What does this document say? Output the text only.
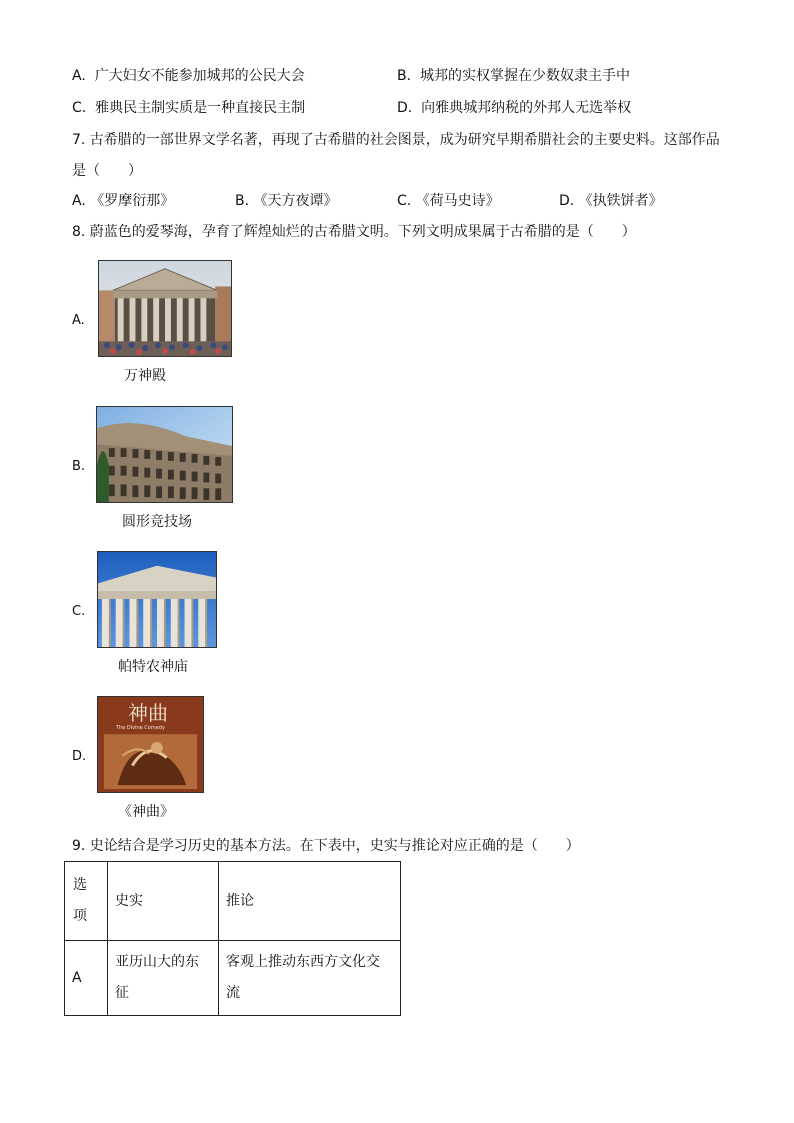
A. 广大妇女不能参加城邦的公民大会	B. 城邦的实权掌握在少数奴隶主手中
C. 雅典民主制实质是一种直接民主制	D. 向雅典城邦纳税的外邦人无选举权
7. 古希腊的一部世界文学名著，再现了古希腊的社会图景，成为研究早期希腊社会的主要史料。这部作品
是（　　）
A. 《罗摩衍那》	B. 《天方夜谭》	C. 《荷马史诗》	D. 《执铁饼者》
8. 蔚蓝色的爱琴海，孕育了辉煌灿烂的古希腊文明。下列文明成果属于古希腊的是（　　）
A.
万神殿
B.
圆形竞技场
C.
帕特农神庙
D.
神曲
The Divine Comedy
《神曲》
9. 史论结合是学习历史的基本方法。在下表中，史实与推论对应正确的是（　　）
选项	史实	推论
A	亚历山大的东征	客观上推动东西方文化交流
